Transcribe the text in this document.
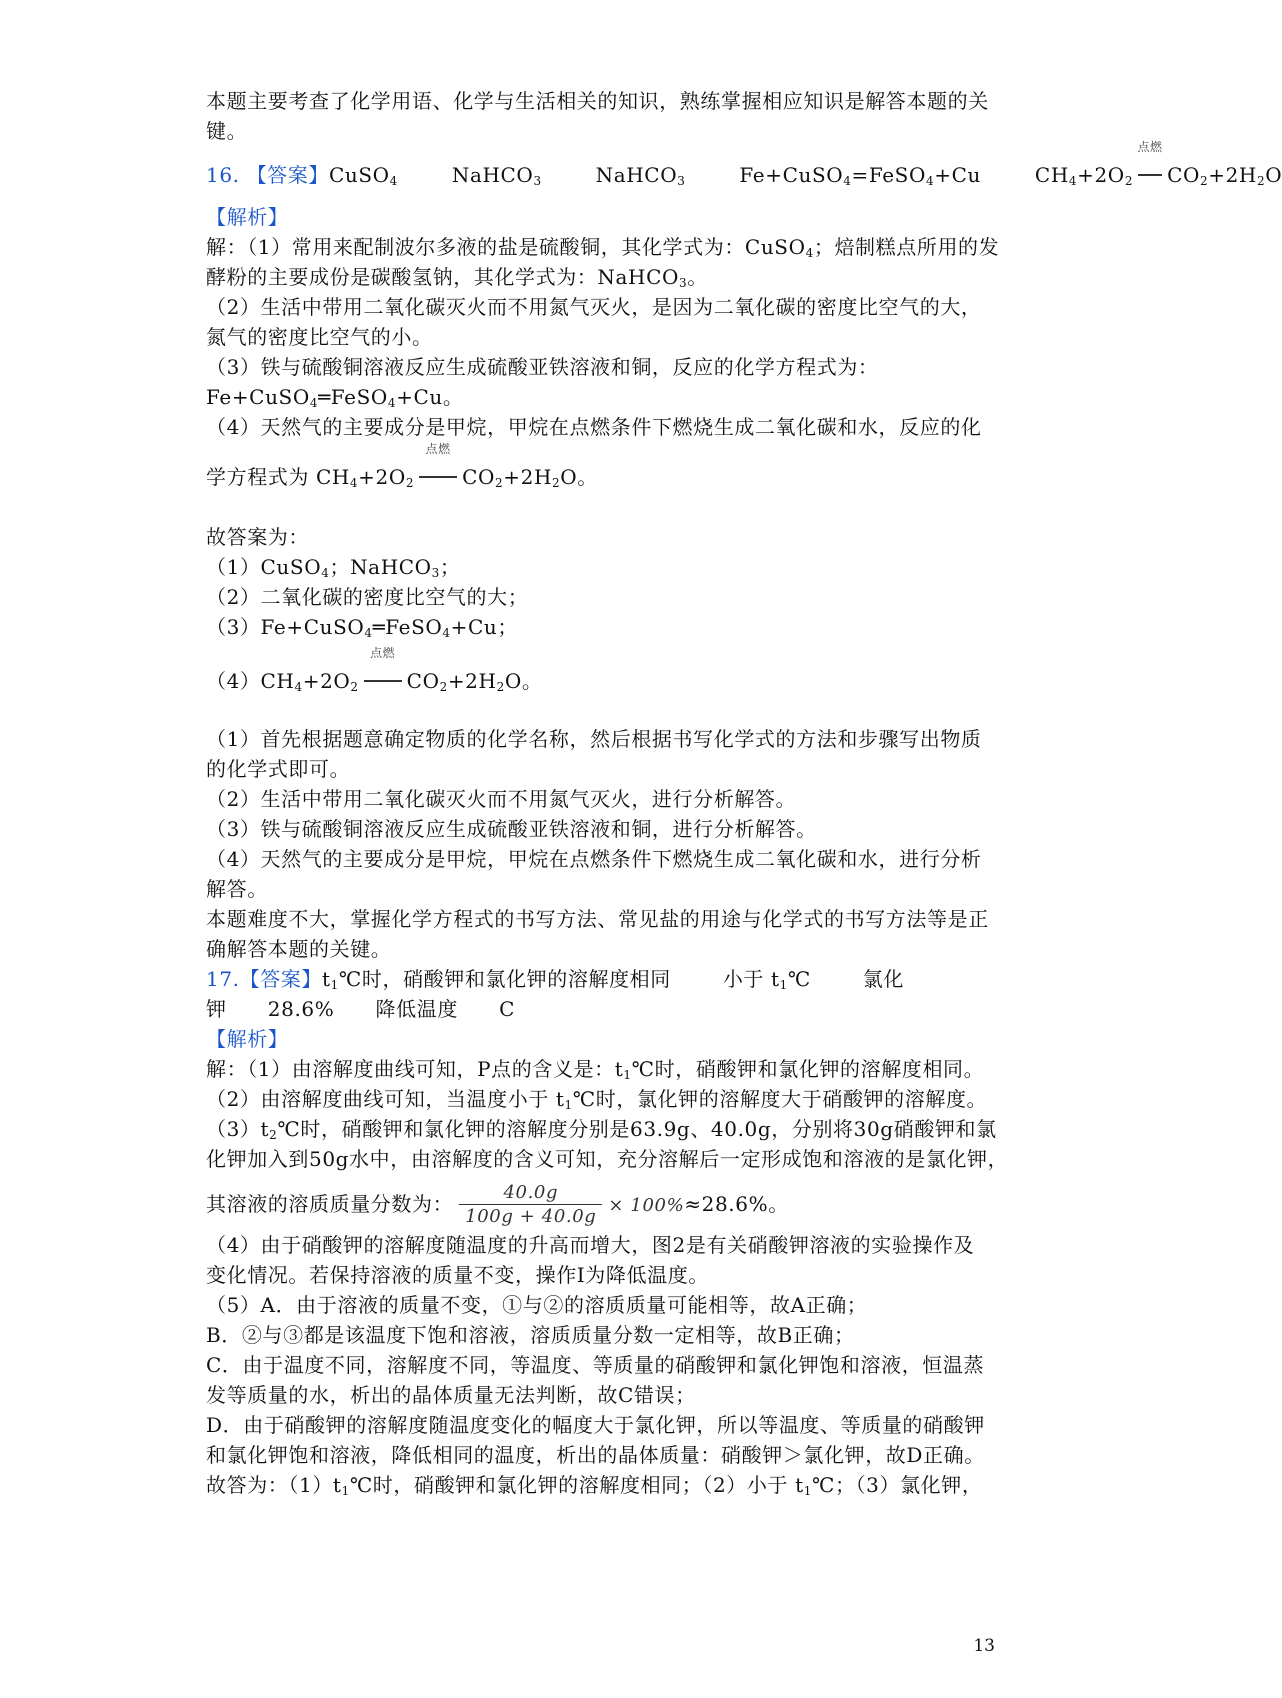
本题主要考查了化学用语、化学与生活相关的知识，熟练掌握相应知识是解答本题的关
键。
16. 【答案】CuSO$_4$	NaHCO$_3$	NaHCO$_3$	Fe+CuSO$_4$=FeSO$_4$+Cu	$CH_4+2O_2$
点燃
$CO_2+2H_2O$
【解析】
解：（1）常用来配制波尔多液的盐是硫酸铜，其化学式为：CuSO$_4$；焙制糕点所用的发
酵粉的主要成份是碳酸氢钠，其化学式为：NaHCO$_3$。
（2）生活中带用二氧化碳灭火而不用氮气灭火，是因为二氧化碳的密度比空气的大，
氮气的密度比空气的小。
（3）铁与硫酸铜溶液反应生成硫酸亚铁溶液和铜，反应的化学方程式为：
Fe+CuSO$_4$═FeSO$_4$+Cu。
（4）天然气的主要成分是甲烷，甲烷在点燃条件下燃烧生成二氧化碳和水，反应的化
学方程式为 $CH_4+2O_2$
点燃
$CO_2+2H_2O$。
故答案为：
（1）CuSO$_4$；NaHCO$_3$；
（2）二氧化碳的密度比空气的大；
（3）Fe+CuSO$_4$═FeSO$_4$+Cu；
$(4)CH_4+2O_2$
点燃
$CO_2+2H_2O$。
（1）首先根据题意确定物质的化学名称，然后根据书写化学式的方法和步骤写出物质
的化学式即可。
（2）生活中带用二氧化碳灭火而不用氮气灭火，进行分析解答。
（3）铁与硫酸铜溶液反应生成硫酸亚铁溶液和铜，进行分析解答。
（4）天然气的主要成分是甲烷，甲烷在点燃条件下燃烧生成二氧化碳和水，进行分析
解答。
本题难度不大，掌握化学方程式的书写方法、常见盐的用途与化学式的书写方法等是正
确解答本题的关键。
17.【答案】$t_1℃$时，硝酸钾和氯化钾的溶解度相同	小于 $t_1℃$	氯化
钾　　28.6%　　降低温度　　C
【解析】
解：（1）由溶解度曲线可知，P点的含义是：$t_1℃$时，硝酸钾和氯化钾的溶解度相同。
（2）由溶解度曲线可知，当温度小于 $t_1℃$时，氯化钾的溶解度大于硝酸钾的溶解度。
$(3)t_2℃$时，硝酸钾和氯化钾的溶解度分别是63.9g、40.0g，分别将30g硝酸钾和氯
化钾加入到50g水中，由溶解度的含义可知，充分溶解后一定形成饱和溶液的是氯化钾，
其溶液的溶质质量分数为： $\frac{40.0g}{100g + 40.0g} \times 100\%\approx 28.6\%$。
（4）由于硝酸钾的溶解度随温度的升高而增大，图2是有关硝酸钾溶液的实验操作及
变化情况。若保持溶液的质量不变，操作Ⅰ为降低温度。
（5）A．由于溶液的质量不变，①与②的溶质质量可能相等，故A正确；
B．②与③都是该温度下饱和溶液，溶质质量分数一定相等，故B正确；
C．由于温度不同，溶解度不同，等温度、等质量的硝酸钾和氯化钾饱和溶液，恒温蒸
发等质量的水，析出的晶体质量无法判断，故C错误；
D．由于硝酸钾的溶解度随温度变化的幅度大于氯化钾，所以等温度、等质量的硝酸钾
和氯化钾饱和溶液，降低相同的温度，析出的晶体质量：硝酸钾＞氯化钾，故D正确。
故答为：$(1)t_1℃$时，硝酸钾和氯化钾的溶解度相同；（2）小于 $t_1℃$；（3）氯化钾，
13
